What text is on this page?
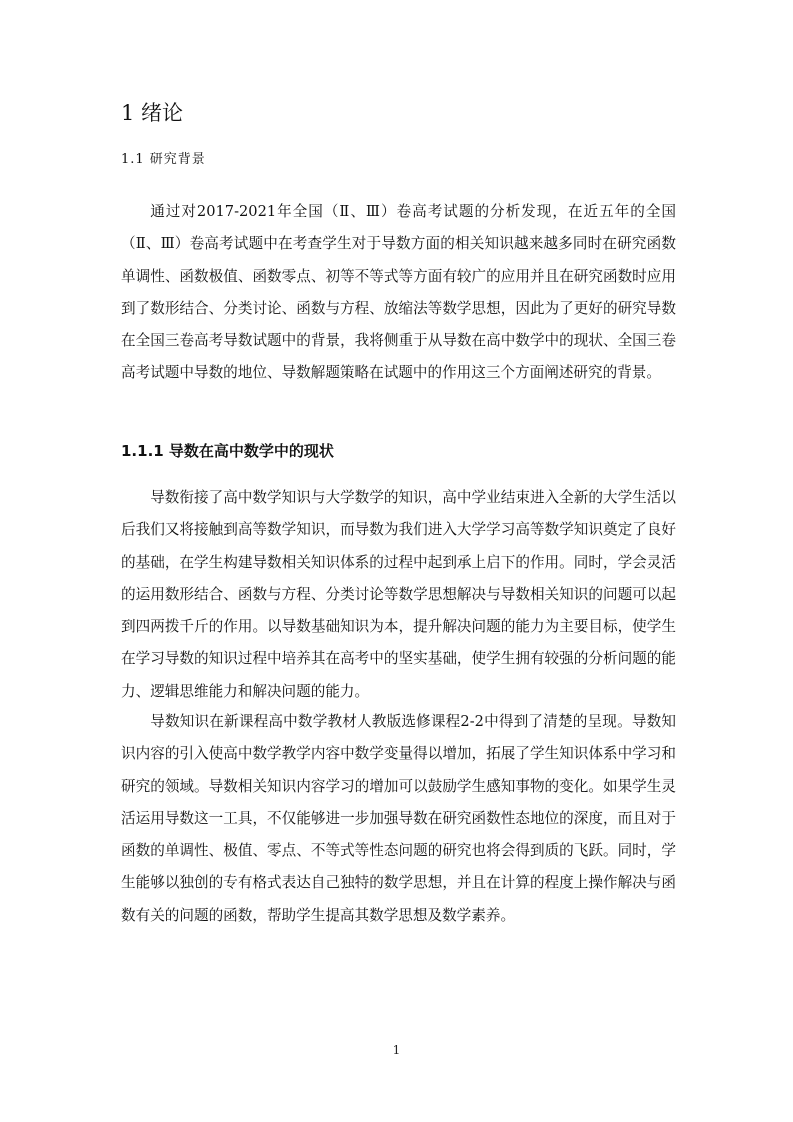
1 绪论
1.1 研究背景

通过对2017-2021年全国（Ⅱ、Ⅲ）卷高考试题的分析发现，在近五年的全国（Ⅱ、Ⅲ）卷高考试题中在考查学生对于导数方面的相关知识越来越多同时在研究函数单调性、函数极值、函数零点、初等不等式等方面有较广的应用并且在研究函数时应用到了数形结合、分类讨论、函数与方程、放缩法等数学思想，因此为了更好的研究导数在全国三卷高考导数试题中的背景，我将侧重于从导数在高中数学中的现状、全国三卷高考试题中导数的地位、导数解题策略在试题中的作用这三个方面阐述研究的背景。

1.1.1 导数在高中数学中的现状

导数衔接了高中数学知识与大学数学的知识，高中学业结束进入全新的大学生活以后我们又将接触到高等数学知识，而导数为我们进入大学学习高等数学知识奠定了良好的基础，在学生构建导数相关知识体系的过程中起到承上启下的作用。同时，学会灵活的运用数形结合、函数与方程、分类讨论等数学思想解决与导数相关知识的问题可以起到四两拨千斤的作用。以导数基础知识为本，提升解决问题的能力为主要目标，使学生在学习导数的知识过程中培养其在高考中的坚实基础，使学生拥有较强的分析问题的能力、逻辑思维能力和解决问题的能力。

导数知识在新课程高中数学教材人教版选修课程2-2中得到了清楚的呈现。导数知识内容的引入使高中数学教学内容中数学变量得以增加，拓展了学生知识体系中学习和研究的领域。导数相关知识内容学习的增加可以鼓励学生感知事物的变化。如果学生灵活运用导数这一工具，不仅能够进一步加强导数在研究函数性态地位的深度，而且对于函数的单调性、极值、零点、不等式等性态问题的研究也将会得到质的飞跃。同时，学生能够以独创的专有格式表达自己独特的数学思想，并且在计算的程度上操作解决与函数有关的问题的函数，帮助学生提高其数学思想及数学素养。

1
